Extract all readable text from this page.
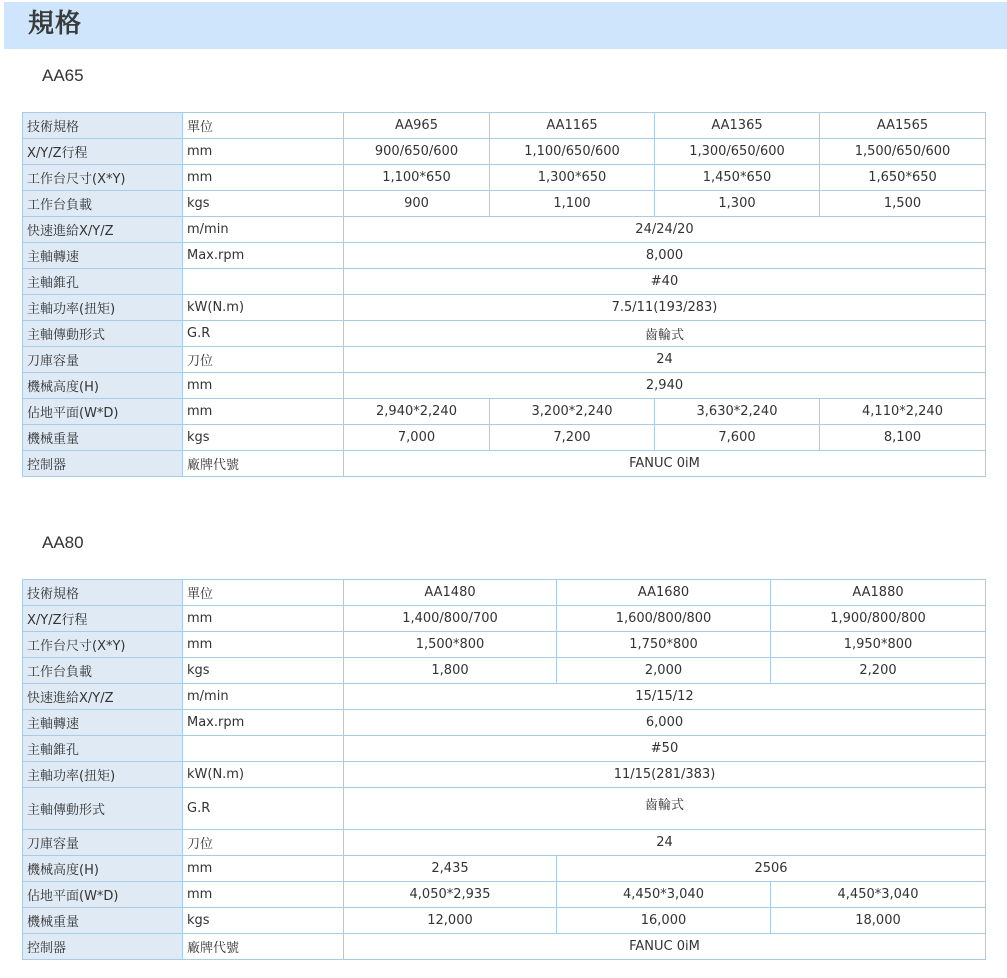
規格
AA65
技術規格	單位	AA965	AA1165	AA1365	AA1565
X/Y/Z行程	mm	900/650/600	1,100/650/600	1,300/650/600	1,500/650/600
工作台尺寸(X*Y)	mm	1,100*650	1,300*650	1,450*650	1,650*650
工作台負載	kgs	900	1,100	1,300	1,500
快速進給X/Y/Z	m/min	24/24/20			
主軸轉速	Max.rpm	8,000			
主軸錐孔		#40			
主軸功率(扭矩)	kW(N.m)	7.5/11(193/283)			
主軸傳動形式	G.R	齒輪式			
刀庫容量	刀位	24			
機械高度(H)	mm	2,940			
佔地平面(W*D)	mm	2,940*2,240	3,200*2,240	3,630*2,240	4,110*2,240
機械重量	kgs	7,000	7,200	7,600	8,100
控制器	廠牌代號	FANUC 0iM			
AA80
技術規格	單位	AA1480	AA1680	AA1880
X/Y/Z行程	mm	1,400/800/700	1,600/800/800	1,900/800/800
工作台尺寸(X*Y)	mm	1,500*800	1,750*800	1,950*800
工作台負載	kgs	1,800	2,000	2,200
快速進給X/Y/Z	m/min	15/15/12		
主軸轉速	Max.rpm	6,000		
主軸錐孔		#50		
主軸功率(扭矩)	kW(N.m)	11/15(281/383)		
主軸傳動形式	G.R	齒輪式		
刀庫容量	刀位	24		
機械高度(H)	mm	2,435	2506	
佔地平面(W*D)	mm	4,050*2,935	4,450*3,040	4,450*3,040
機械重量	kgs	12,000	16,000	18,000
控制器	廠牌代號	FANUC 0iM		
